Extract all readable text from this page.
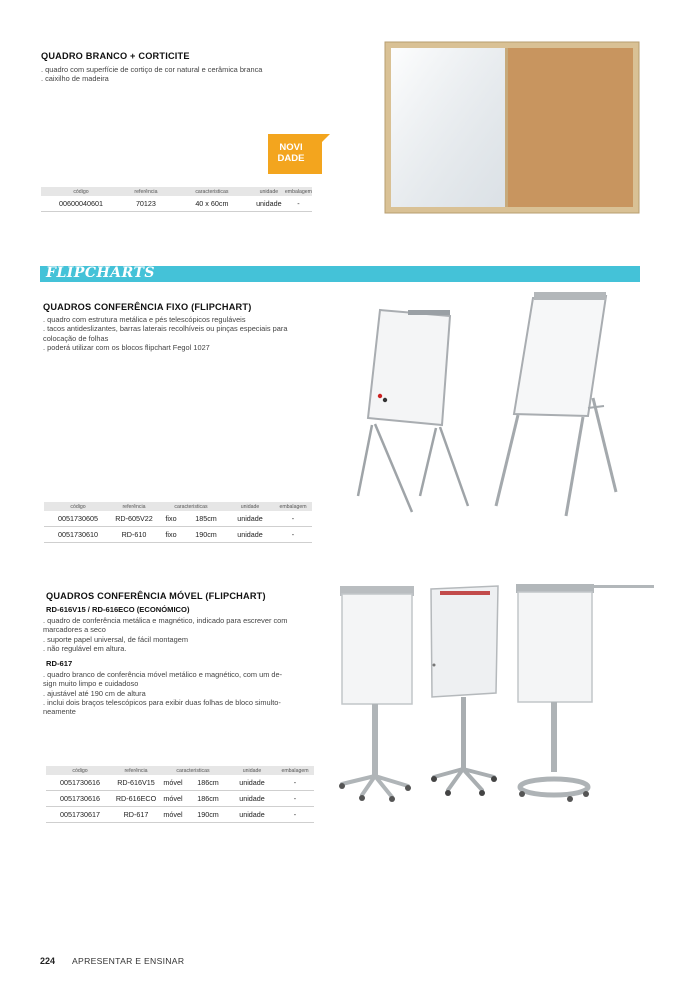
QUADRO BRANCO + CORTICITE
. quadro com superfície de cortiço de cor natural e cerâmica branca
. caixilho de madeira
NOVI
DADE
código	referência	caracteristicas	unidade	embalagem
00600040601	70123	40 x 60cm	unidade	-
FLIPCHARTS
QUADROS CONFERÊNCIA FIXO (FLIPCHART)
. quadro com estrutura metálica e pés telescópicos reguláveis
. tacos antideslizantes, barras laterais recolhíveis ou pinças especiais para
colocação de folhas
. poderá utilizar com os blocos flipchart Fegol 1027
código	referência	caracteristicas		unidade	embalagem
0051730605	RD-605V22	fixo	185cm	unidade	-
0051730610	RD-610	fixo	190cm	unidade	-
QUADROS CONFERÊNCIA MÓVEL (FLIPCHART)
RD-616V15 / RD-616ECO (ECONÓMICO)
. quadro de conferência metálica e magnético, indicado para escrever com
marcadores a seco
. suporte papel universal, de fácil montagem
. não regulável em altura.
RD-617
. quadro branco de conferência móvel metálico e magnético, com um de-
sign muito limpo e cuidadoso
. ajustável até 190 cm de altura
. inclui dois braços telescópicos para exibir duas folhas de bloco simulto-
neamente
código	referência	caracteristicas		unidade	embalagem
0051730616	RD-616V15	móvel	186cm	unidade	-
0051730616	RD-616ECO	móvel	186cm	unidade	-
0051730617	RD-617	móvel	190cm	unidade	-
224 APRESENTAR E ENSINAR
